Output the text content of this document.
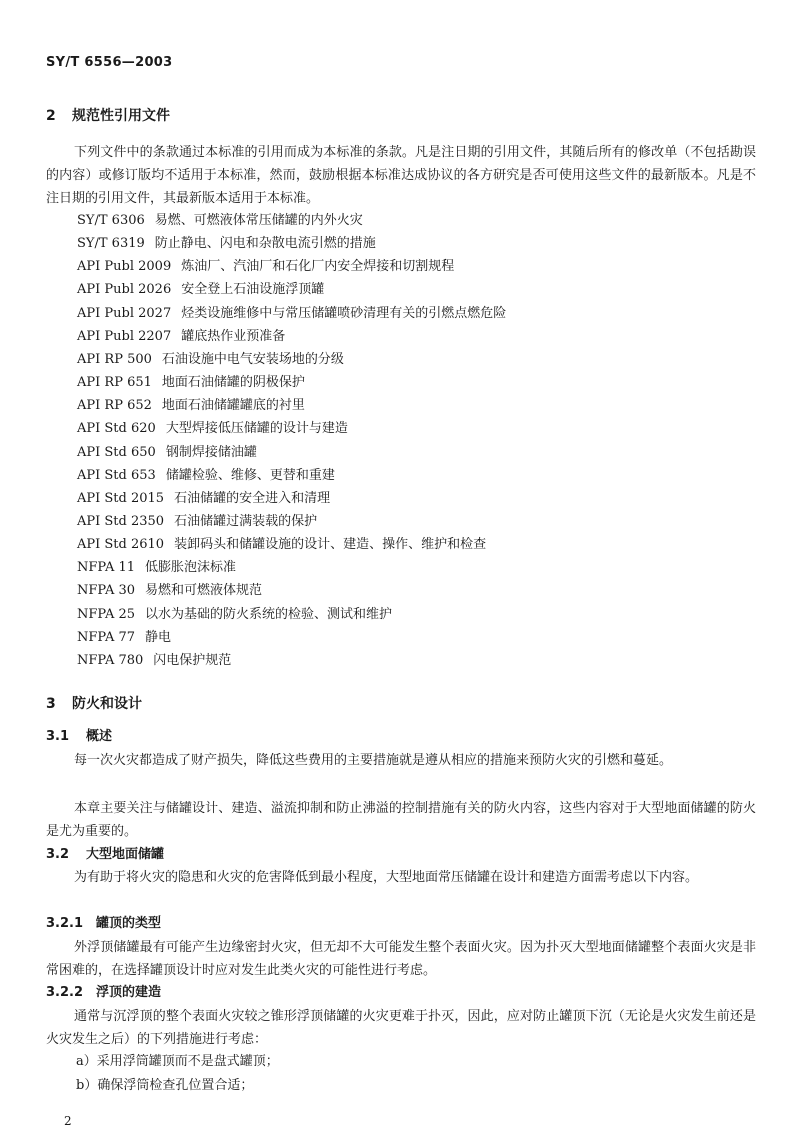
SY/T 6556—2003
2 规范性引用文件

下列文件中的条款通过本标准的引用而成为本标准的条款。凡是注日期的引用文件，其随后所有的修改单（不包括勘误的内容）或修订版均不适用于本标准，然而，鼓励根据本标准达成协议的各方研究是否可使用这些文件的最新版本。凡是不注日期的引用文件，其最新版本适用于本标准。

SY/T 6306 易燃、可燃液体常压储罐的内外火灾
SY/T 6319 防止静电、闪电和杂散电流引燃的措施
API Publ 2009 炼油厂、汽油厂和石化厂内安全焊接和切割规程
API Publ 2026 安全登上石油设施浮顶罐
API Publ 2027 烃类设施维修中与常压储罐喷砂清理有关的引燃点燃危险
API Publ 2207 罐底热作业预准备
API RP 500 石油设施中电气安装场地的分级
API RP 651 地面石油储罐的阴极保护
API RP 652 地面石油储罐罐底的衬里
API Std 620 大型焊接低压储罐的设计与建造
API Std 650 钢制焊接储油罐
API Std 653 储罐检验、维修、更替和重建
API Std 2015 石油储罐的安全进入和清理
API Std 2350 石油储罐过满装载的保护
API Std 2610 装卸码头和储罐设施的设计、建造、操作、维护和检查
NFPA 11 低膨胀泡沫标准
NFPA 30 易燃和可燃液体规范
NFPA 25 以水为基础的防火系统的检验、测试和维护
NFPA 77 静电
NFPA 780 闪电保护规范
3 防火和设计
3.1 概述

每一次火灾都造成了财产损失，降低这些费用的主要措施就是遵从相应的措施来预防火灾的引燃和蔓延。

本章主要关注与储罐设计、建造、溢流抑制和防止沸溢的控制措施有关的防火内容，这些内容对于大型地面储罐的防火是尤为重要的。

3.2 大型地面储罐

为有助于将火灾的隐患和火灾的危害降低到最小程度，大型地面常压储罐在设计和建造方面需考虑以下内容。

3.2.1 罐顶的类型

外浮顶储罐最有可能产生边缘密封火灾，但无却不大可能发生整个表面火灾。因为扑灭大型地面储罐整个表面火灾是非常困难的，在选择罐顶设计时应对发生此类火灾的可能性进行考虑。

3.2.2 浮顶的建造

通常与沉浮顶的整个表面火灾较之锥形浮顶储罐的火灾更难于扑灭，因此，应对防止罐顶下沉（无论是火灾发生前还是火灾发生之后）的下列措施进行考虑：

a）采用浮筒罐顶而不是盘式罐顶；
b）确保浮筒检查孔位置合适；
2
